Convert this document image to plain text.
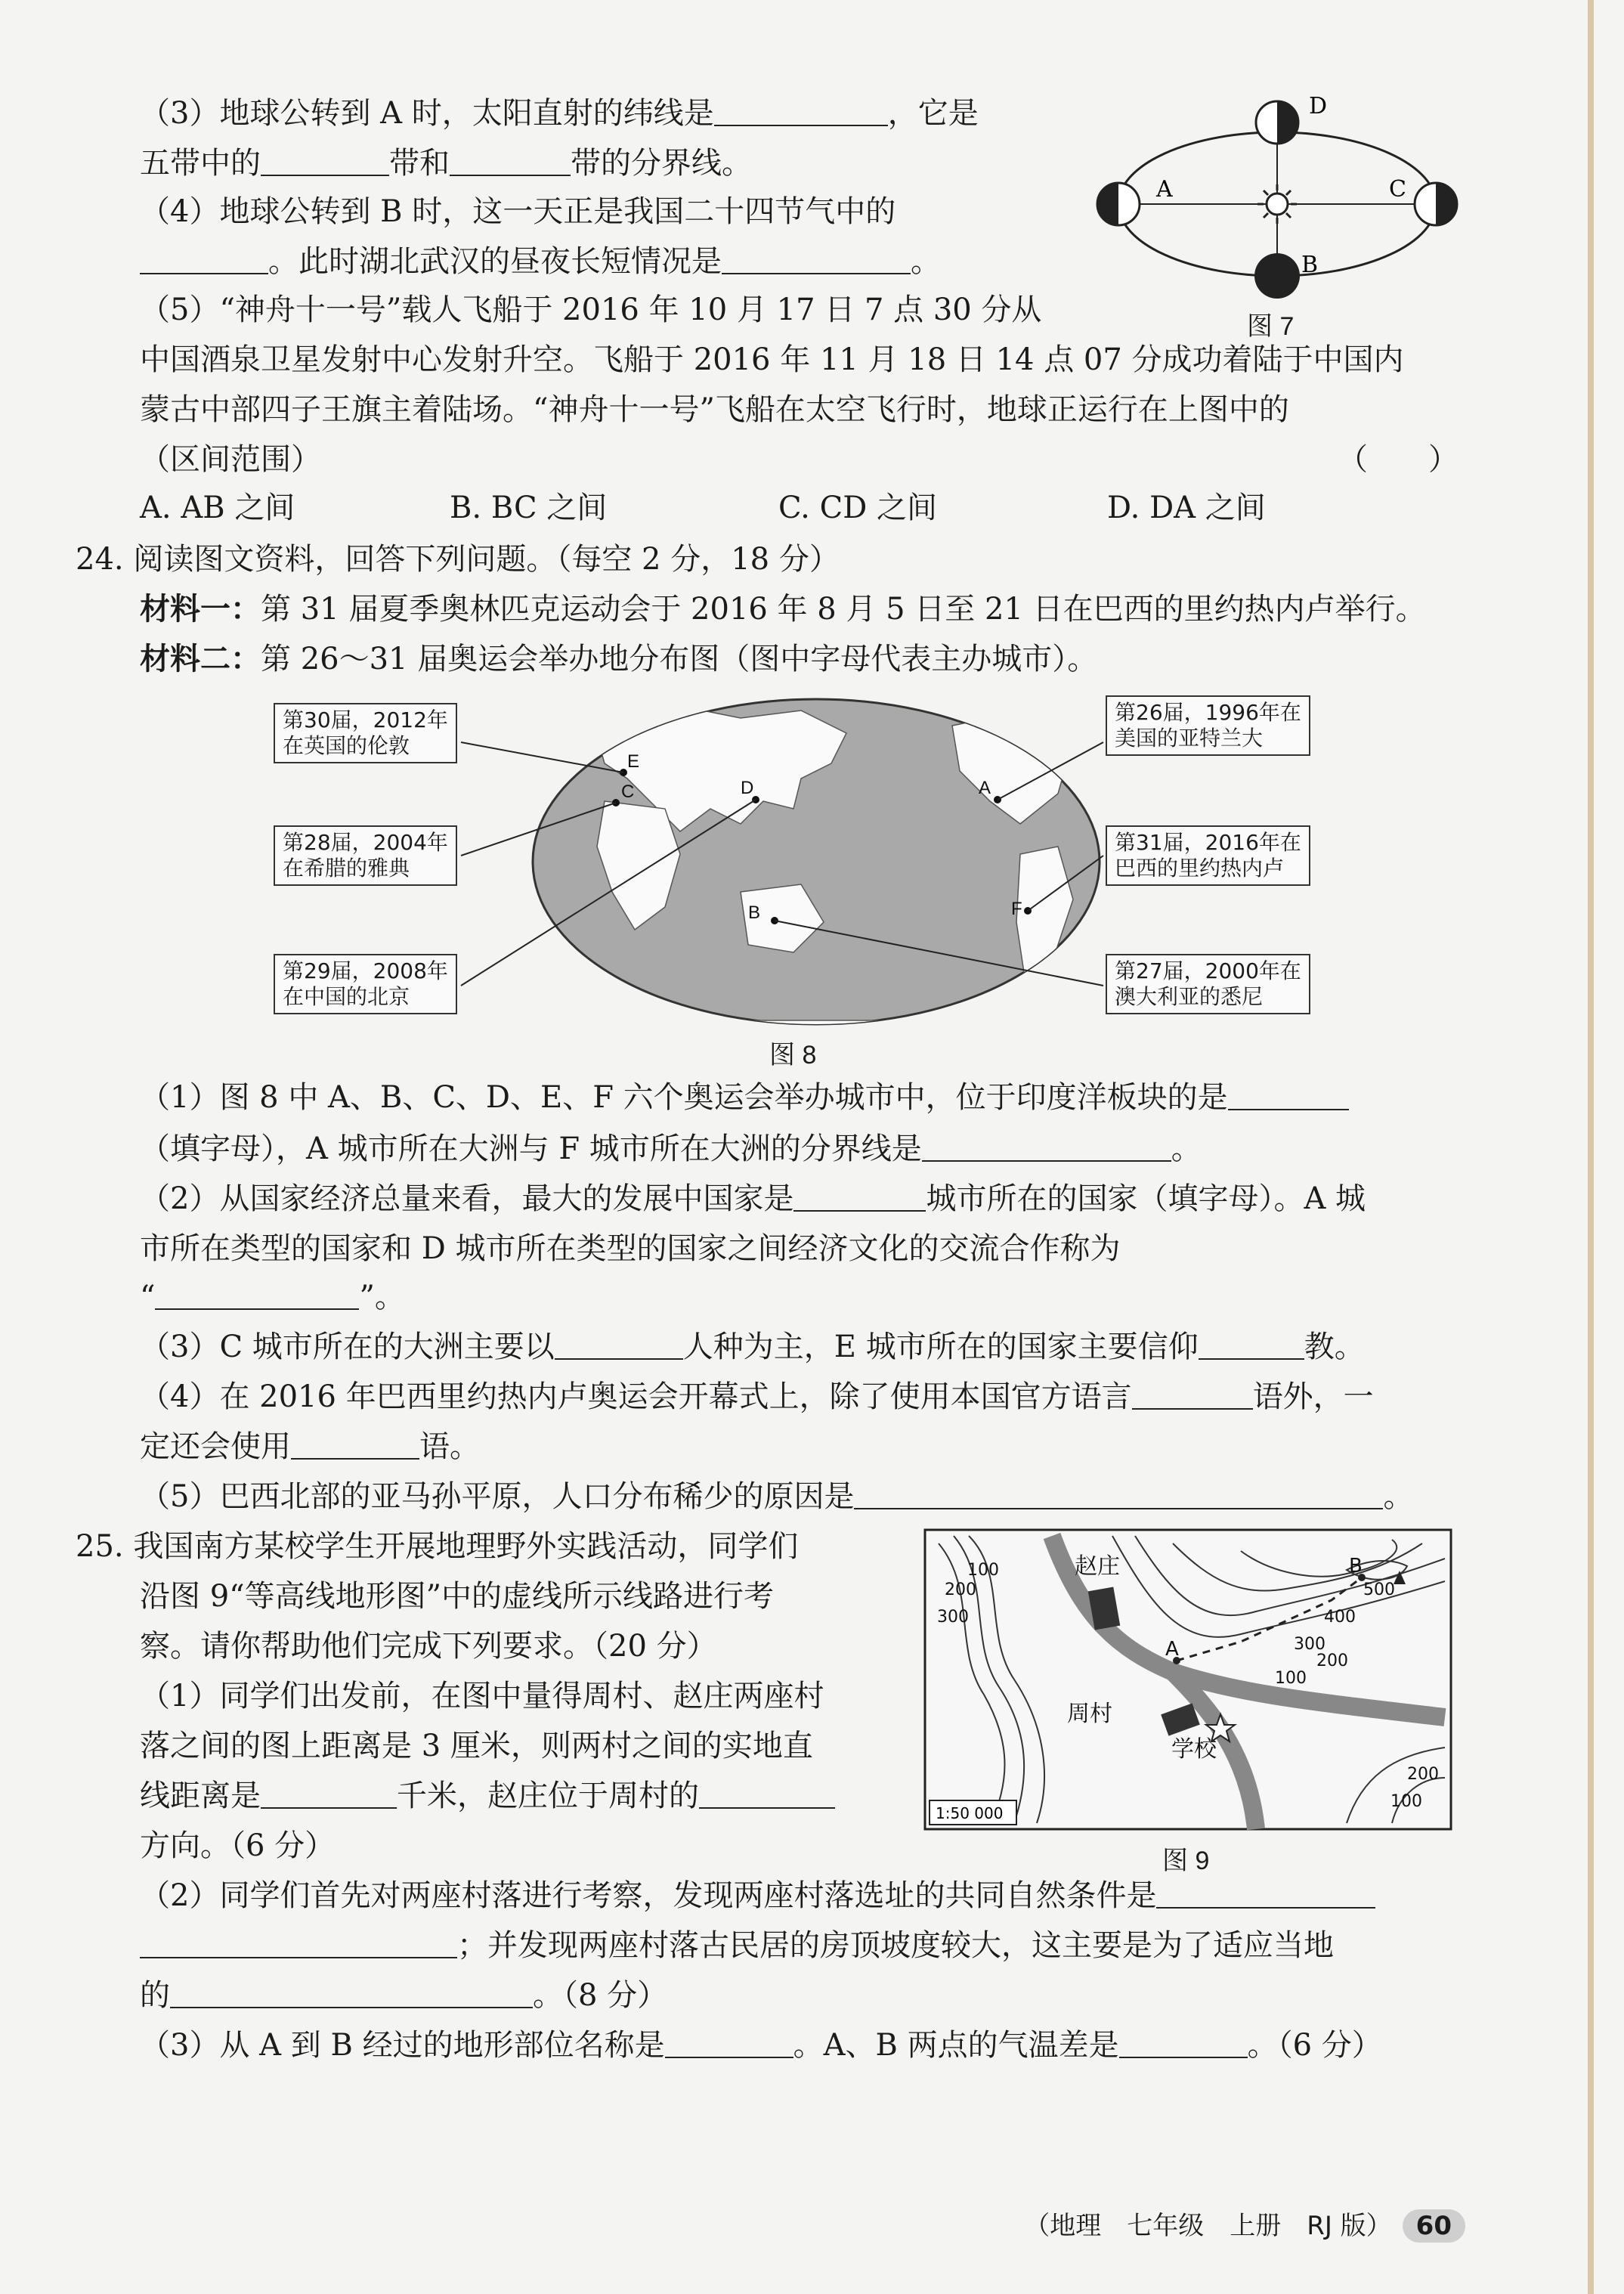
（3）地球公转到 A 时，太阳直射的纬线是	，它是
五带中的	带和	带的分界线。
（4）地球公转到 B 时，这一天正是我国二十四节气中的
。此时湖北武汉的昼夜长短情况是	。
（5）“神舟十一号”载人飞船于 2016 年 10 月 17 日 7 点 30 分从
中国酒泉卫星发射中心发射升空。飞船于 2016 年 11 月 18 日 14 点 07 分成功着陆于中国内
蒙古中部四子王旗主着陆场。“神舟十一号”飞船在太空飞行时，地球正运行在上图中的
（区间范围）	（　　）
A. AB 之间	B. BC 之间	C. CD 之间	D. DA 之间
D
A	C
B
图 7
24. 阅读图文资料，回答下列问题。（每空 2 分，18 分）
材料一：第 31 届夏季奥林匹克运动会于 2016 年 8 月 5 日至 21 日在巴西的里约热内卢举行。
材料二：第 26～31 届奥运会举办地分布图（图中字母代表主办城市）。
E
C	D	A
F
B
第30届，2012年
在英国的伦敦
第28届，2004年
在希腊的雅典
第29届，2008年
在中国的北京
第26届，1996年在
美国的亚特兰大
第31届，2016年在
巴西的里约热内卢
第27届，2000年在
澳大利亚的悉尼
图 8
（1）图 8 中 A、B、C、D、E、F 六个奥运会举办城市中，位于印度洋板块的是
（填字母），A 城市所在大洲与 F 城市所在大洲的分界线是	。
（2）从国家经济总量来看，最大的发展中国家是	城市所在的国家（填字母）。A 城
市所在类型的国家和 D 城市所在类型的国家之间经济文化的交流合作称为
“	”。
（3）C 城市所在的大洲主要以	人种为主，E 城市所在的国家主要信仰	教。
（4）在 2016 年巴西里约热内卢奥运会开幕式上，除了使用本国官方语言	语外，一
定还会使用	语。
（5）巴西北部的亚马孙平原，人口分布稀少的原因是	。
25. 我国南方某校学生开展地理野外实践活动，同学们
沿图 9“等高线地形图”中的虚线所示线路进行考
察。请你帮助他们完成下列要求。（20 分）
（1）同学们出发前，在图中量得周村、赵庄两座村
落之间的图上距离是 3 厘米，则两村之间的实地直
线距离是	千米，赵庄位于周村的
方向。（6 分）
（2）同学们首先对两座村落进行考察，发现两座村落选址的共同自然条件是
；并发现两座村落古民居的房顶坡度较大，这主要是为了适应当地
的	。（8 分）
（3）从 A 到 B 经过的地形部位名称是	。A、B 两点的气温差是	。（6 分）
赵庄
周村
学校
A
B
100
200
300
500
400
300
200
100
200
100
1:50 000
图 9
（地理　七年级　上册　RJ 版） 60
